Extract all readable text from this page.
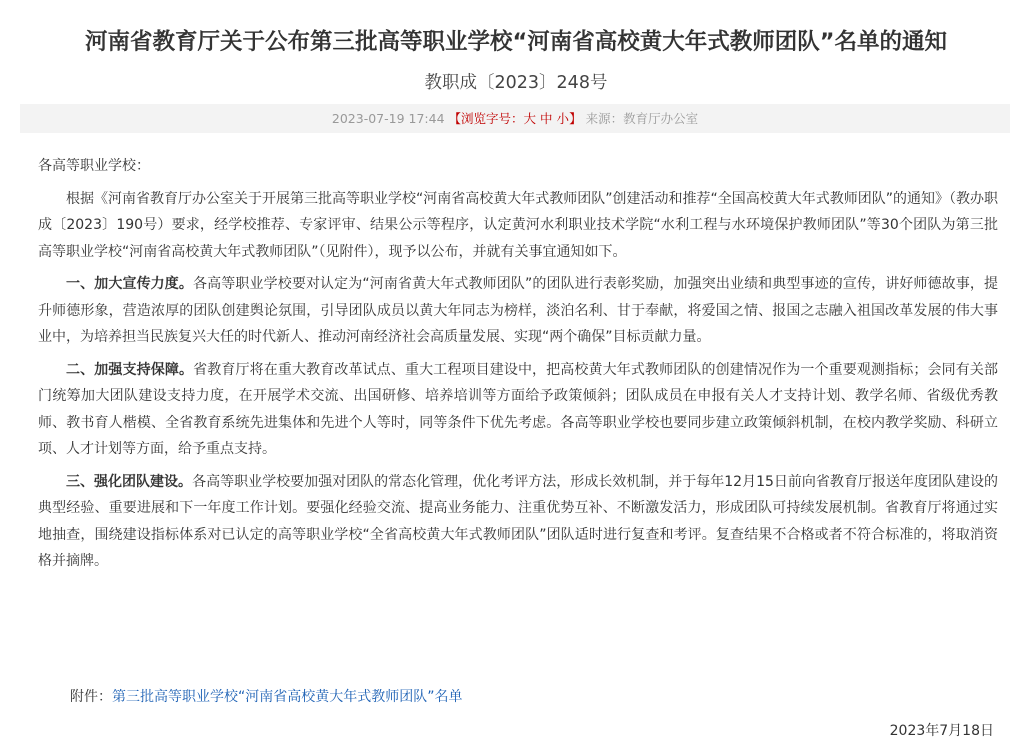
河南省教育厅关于公布第三批高等职业学校“河南省高校黄大年式教师团队”名单的通知
教职成〔2023〕248号
2023-07-19 17:44 【浏览字号：大 中 小】 来源：教育厅办公室

各高等职业学校：

根据《河南省教育厅办公室关于开展第三批高等职业学校“河南省高校黄大年式教师团队”创建活动和推荐“全国高校黄大年式教师团队”的通知》（教办职成〔2023〕190号）要求，经学校推荐、专家评审、结果公示等程序，认定黄河水利职业技术学院“水利工程与水环境保护教师团队”等30个团队为第三批高等职业学校“河南省高校黄大年式教师团队”（见附件），现予以公布，并就有关事宜通知如下。

一、加大宣传力度。各高等职业学校要对认定为“河南省黄大年式教师团队”的团队进行表彰奖励，加强突出业绩和典型事迹的宣传，讲好师德故事，提升师德形象，营造浓厚的团队创建舆论氛围，引导团队成员以黄大年同志为榜样，淡泊名利、甘于奉献，将爱国之情、报国之志融入祖国改革发展的伟大事业中，为培养担当民族复兴大任的时代新人、推动河南经济社会高质量发展、实现“两个确保”目标贡献力量。

二、加强支持保障。省教育厅将在重大教育改革试点、重大工程项目建设中，把高校黄大年式教师团队的创建情况作为一个重要观测指标；会同有关部门统筹加大团队建设支持力度，在开展学术交流、出国研修、培养培训等方面给予政策倾斜；团队成员在申报有关人才支持计划、教学名师、省级优秀教师、教书育人楷模、全省教育系统先进集体和先进个人等时，同等条件下优先考虑。各高等职业学校也要同步建立政策倾斜机制，在校内教学奖励、科研立项、人才计划等方面，给予重点支持。

三、强化团队建设。各高等职业学校要加强对团队的常态化管理，优化考评方法，形成长效机制，并于每年12月15日前向省教育厅报送年度团队建设的典型经验、重要进展和下一年度工作计划。要强化经验交流、提高业务能力、注重优势互补、不断激发活力，形成团队可持续发展机制。省教育厅将通过实地抽查，围绕建设指标体系对已认定的高等职业学校“全省高校黄大年式教师团队”团队适时进行复查和考评。复查结果不合格或者不符合标准的，将取消资格并摘牌。

附件：第三批高等职业学校“河南省高校黄大年式教师团队”名单
2023年7月18日
